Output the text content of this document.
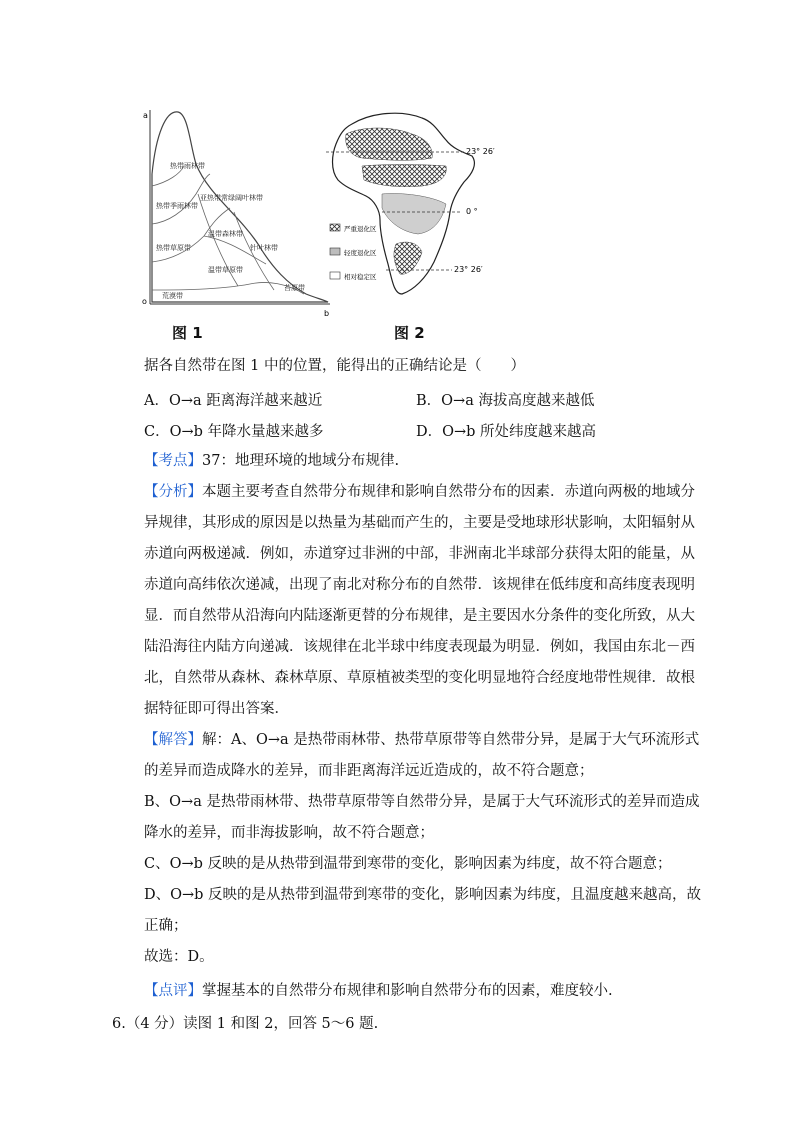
a
o
b
热带雨林带
热带季雨林带
热带草原带
荒漠带
亚热带常绿阔叶林带
温带森林带
温带草原带
针叶林带
苔原带
图 1
23° 26′
0 °
23° 26′
严重退化区
轻度退化区
相对稳定区
图 2
据各自然带在图 1 中的位置，能得出的正确结论是（　　）
A．O→a 距离海洋越来越近	B．O→a 海拔高度越来越低
C．O→b 年降水量越来越多	D．O→b 所处纬度越来越高
【考点】37：地理环境的地域分布规律.
【分析】本题主要考查自然带分布规律和影响自然带分布的因素．赤道向两极的地域分
异规律，其形成的原因是以热量为基础而产生的，主要是受地球形状影响，太阳辐射从
赤道向两极递减．例如，赤道穿过非洲的中部，非洲南北半球部分获得太阳的能量，从
赤道向高纬依次递减，出现了南北对称分布的自然带．该规律在低纬度和高纬度表现明
显．而自然带从沿海向内陆逐渐更替的分布规律，是主要因水分条件的变化所致，从大
陆沿海往内陆方向递减．该规律在北半球中纬度表现最为明显．例如，我国由东北－西
北，自然带从森林、森林草原、草原植被类型的变化明显地符合经度地带性规律．故根
据特征即可得出答案．
【解答】解：A、O→a 是热带雨林带、热带草原带等自然带分异，是属于大气环流形式
的差异而造成降水的差异，而非距离海洋远近造成的，故不符合题意；
B、O→a 是热带雨林带、热带草原带等自然带分异，是属于大气环流形式的差异而造成
降水的差异，而非海拔影响，故不符合题意；
C、O→b 反映的是从热带到温带到寒带的变化，影响因素为纬度，故不符合题意；
D、O→b 反映的是从热带到温带到寒带的变化，影响因素为纬度，且温度越来越高，故
正确；
故选：D。
【点评】掌握基本的自然带分布规律和影响自然带分布的因素，难度较小.
6.（4 分）读图 1 和图 2，回答 5～6 题.
